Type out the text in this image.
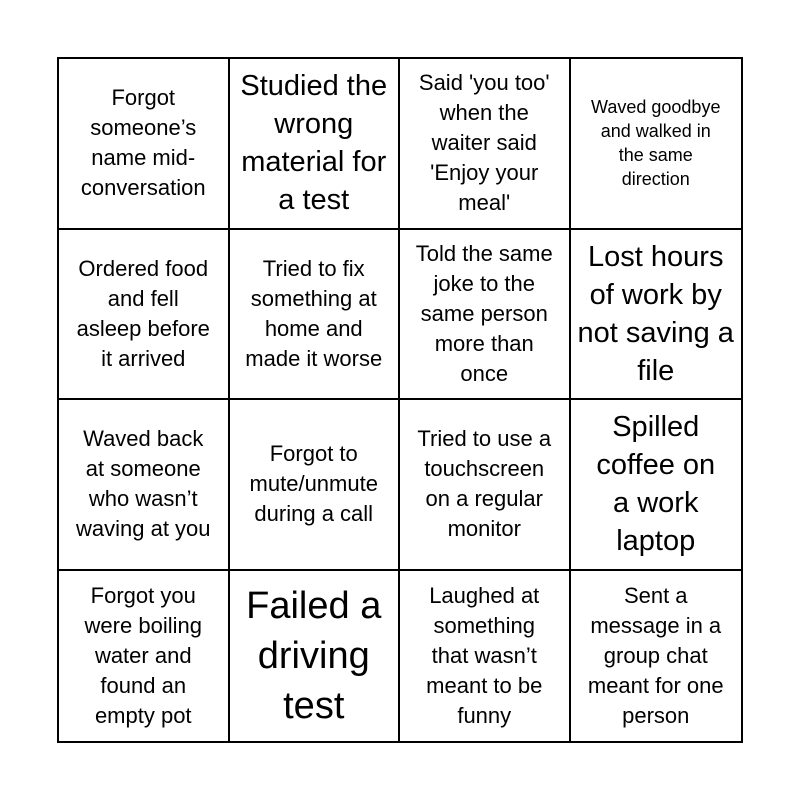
Forgot someone’s name mid-conversation
Studied the wrong material for a test
Said 'you too' when the waiter said 'Enjoy your meal'
Waved goodbye and walked in the same direction
Ordered food and fell asleep before it arrived
Tried to fix something at home and made it worse
Told the same joke to the same person more than once
Lost hours of work by not saving a file
Waved back at someone who wasn’t waving at you
Forgot to mute/unmute during a call
Tried to use a touchscreen on a regular monitor
Spilled coffee on a work laptop
Forgot you were boiling water and found an empty pot
Failed a driving test
Laughed at something that wasn’t meant to be funny
Sent a message in a group chat meant for one person
